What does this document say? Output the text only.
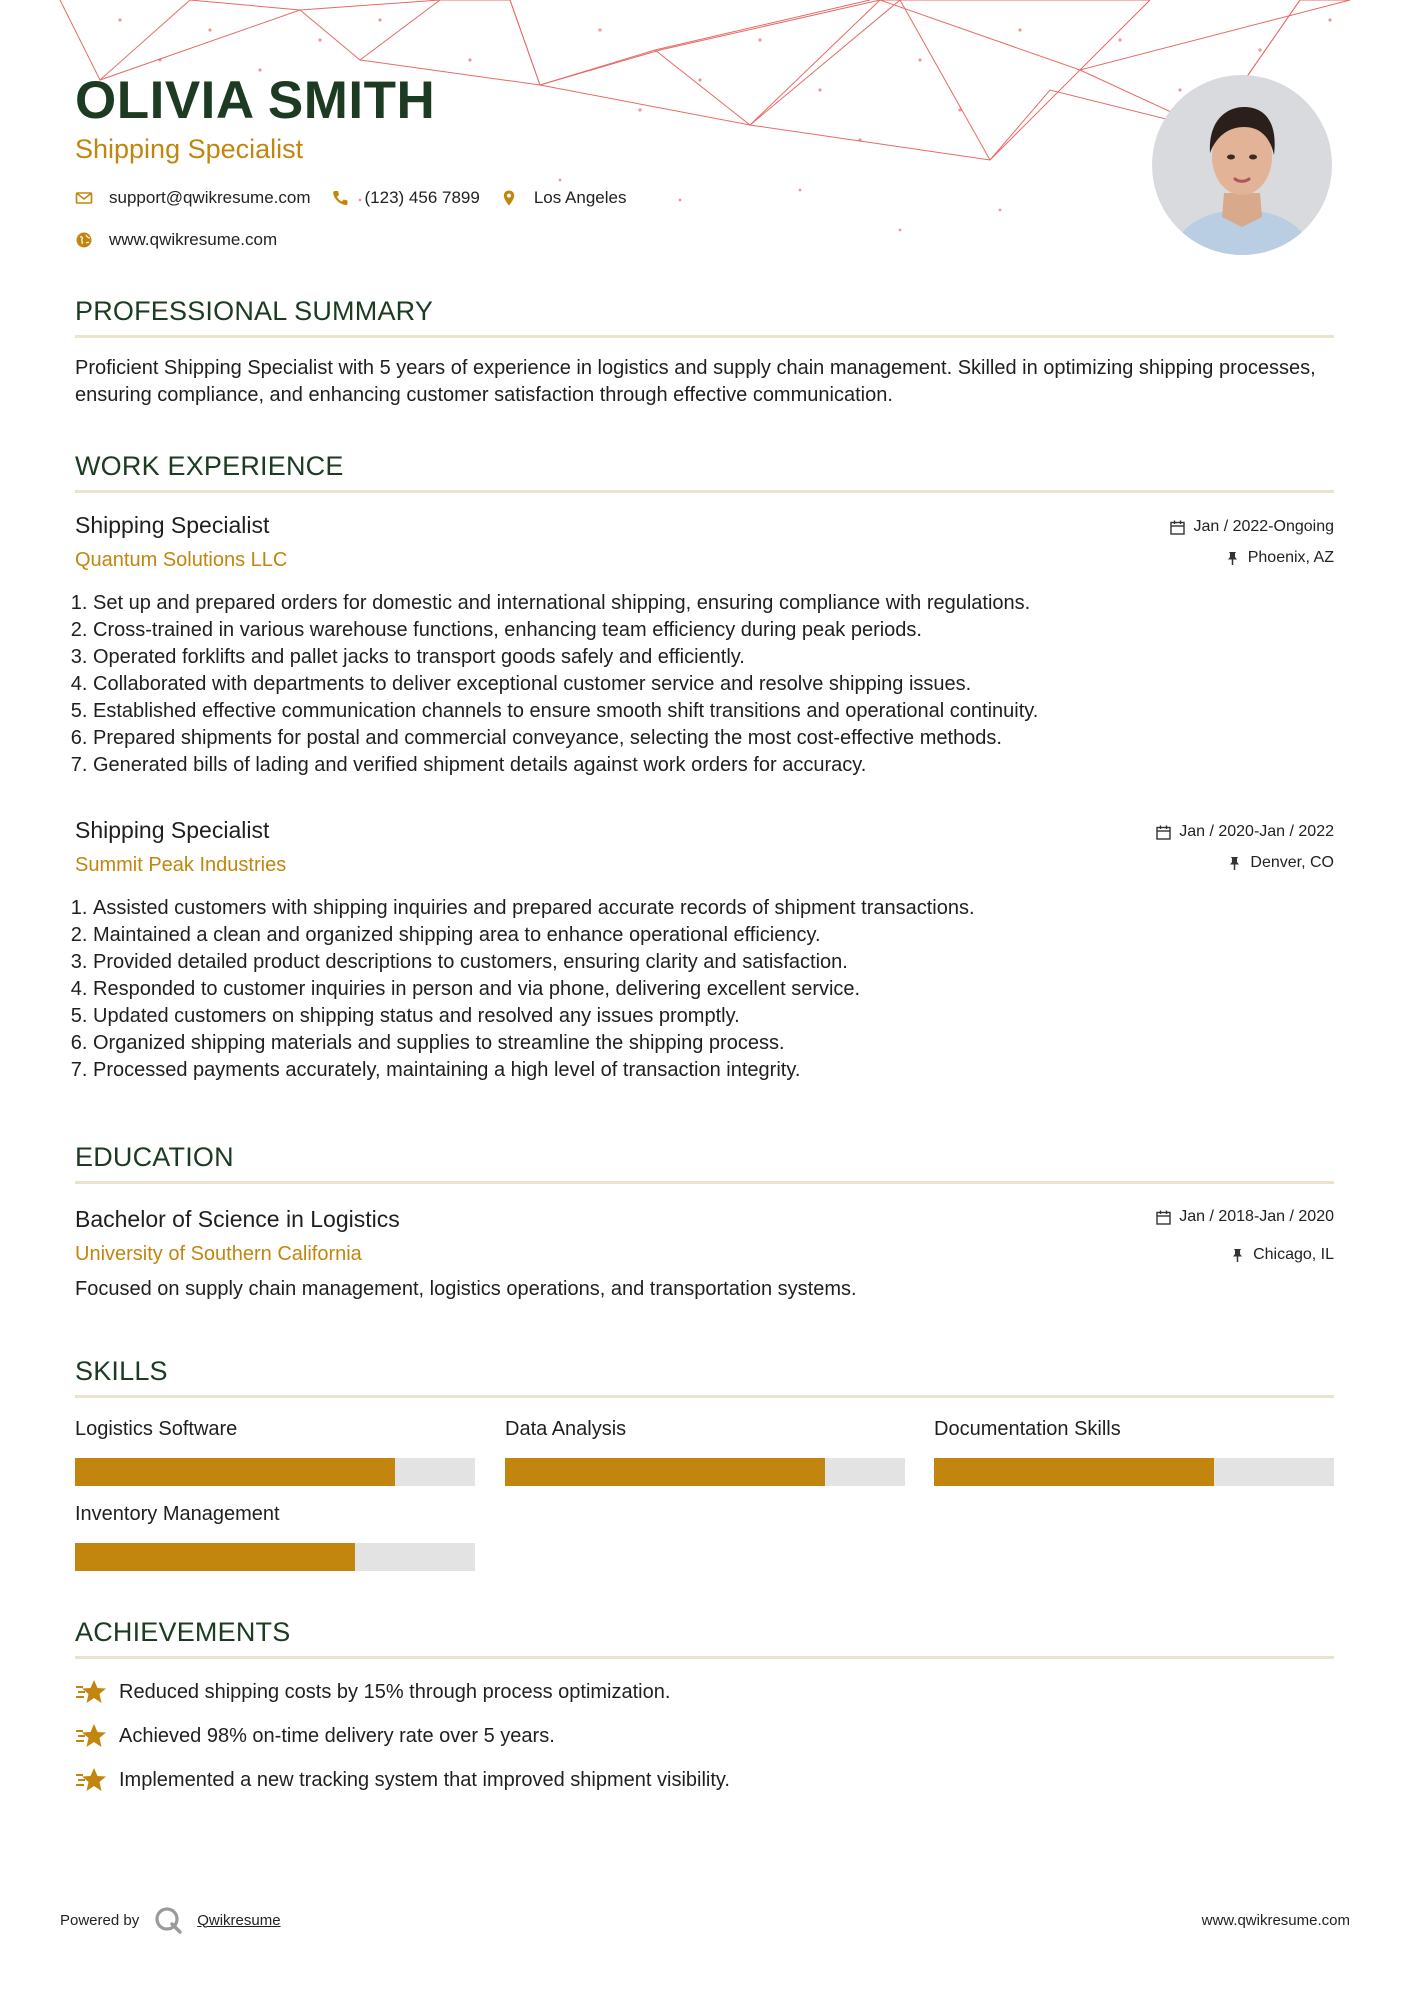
OLIVIA SMITH
Shipping Specialist
support@qwikresume.com	(123) 456 7899	Los Angeles
www.qwikresume.com
PROFESSIONAL SUMMARY
Proficient Shipping Specialist with 5 years of experience in logistics and supply chain management. Skilled in optimizing shipping processes, ensuring compliance, and enhancing customer satisfaction through effective communication.
WORK EXPERIENCE
Shipping Specialist
Quantum Solutions LLC
Jan / 2022-Ongoing
Phoenix, AZ
1. Set up and prepared orders for domestic and international shipping, ensuring compliance with regulations.
2. Cross-trained in various warehouse functions, enhancing team efficiency during peak periods.
3. Operated forklifts and pallet jacks to transport goods safely and efficiently.
4. Collaborated with departments to deliver exceptional customer service and resolve shipping issues.
5. Established effective communication channels to ensure smooth shift transitions and operational continuity.
6. Prepared shipments for postal and commercial conveyance, selecting the most cost-effective methods.
7. Generated bills of lading and verified shipment details against work orders for accuracy.
Shipping Specialist
Summit Peak Industries
Jan / 2020-Jan / 2022
Denver, CO
1. Assisted customers with shipping inquiries and prepared accurate records of shipment transactions.
2. Maintained a clean and organized shipping area to enhance operational efficiency.
3. Provided detailed product descriptions to customers, ensuring clarity and satisfaction.
4. Responded to customer inquiries in person and via phone, delivering excellent service.
5. Updated customers on shipping status and resolved any issues promptly.
6. Organized shipping materials and supplies to streamline the shipping process.
7. Processed payments accurately, maintaining a high level of transaction integrity.
EDUCATION
Bachelor of Science in Logistics
University of Southern California
Jan / 2018-Jan / 2020
Chicago, IL
Focused on supply chain management, logistics operations, and transportation systems.
SKILLS
Logistics Software	Data Analysis	Documentation Skills
Inventory Management
ACHIEVEMENTS
Reduced shipping costs by 15% through process optimization.
Achieved 98% on-time delivery rate over 5 years.
Implemented a new tracking system that improved shipment visibility.
Powered by	Qwikresume	www.qwikresume.com
